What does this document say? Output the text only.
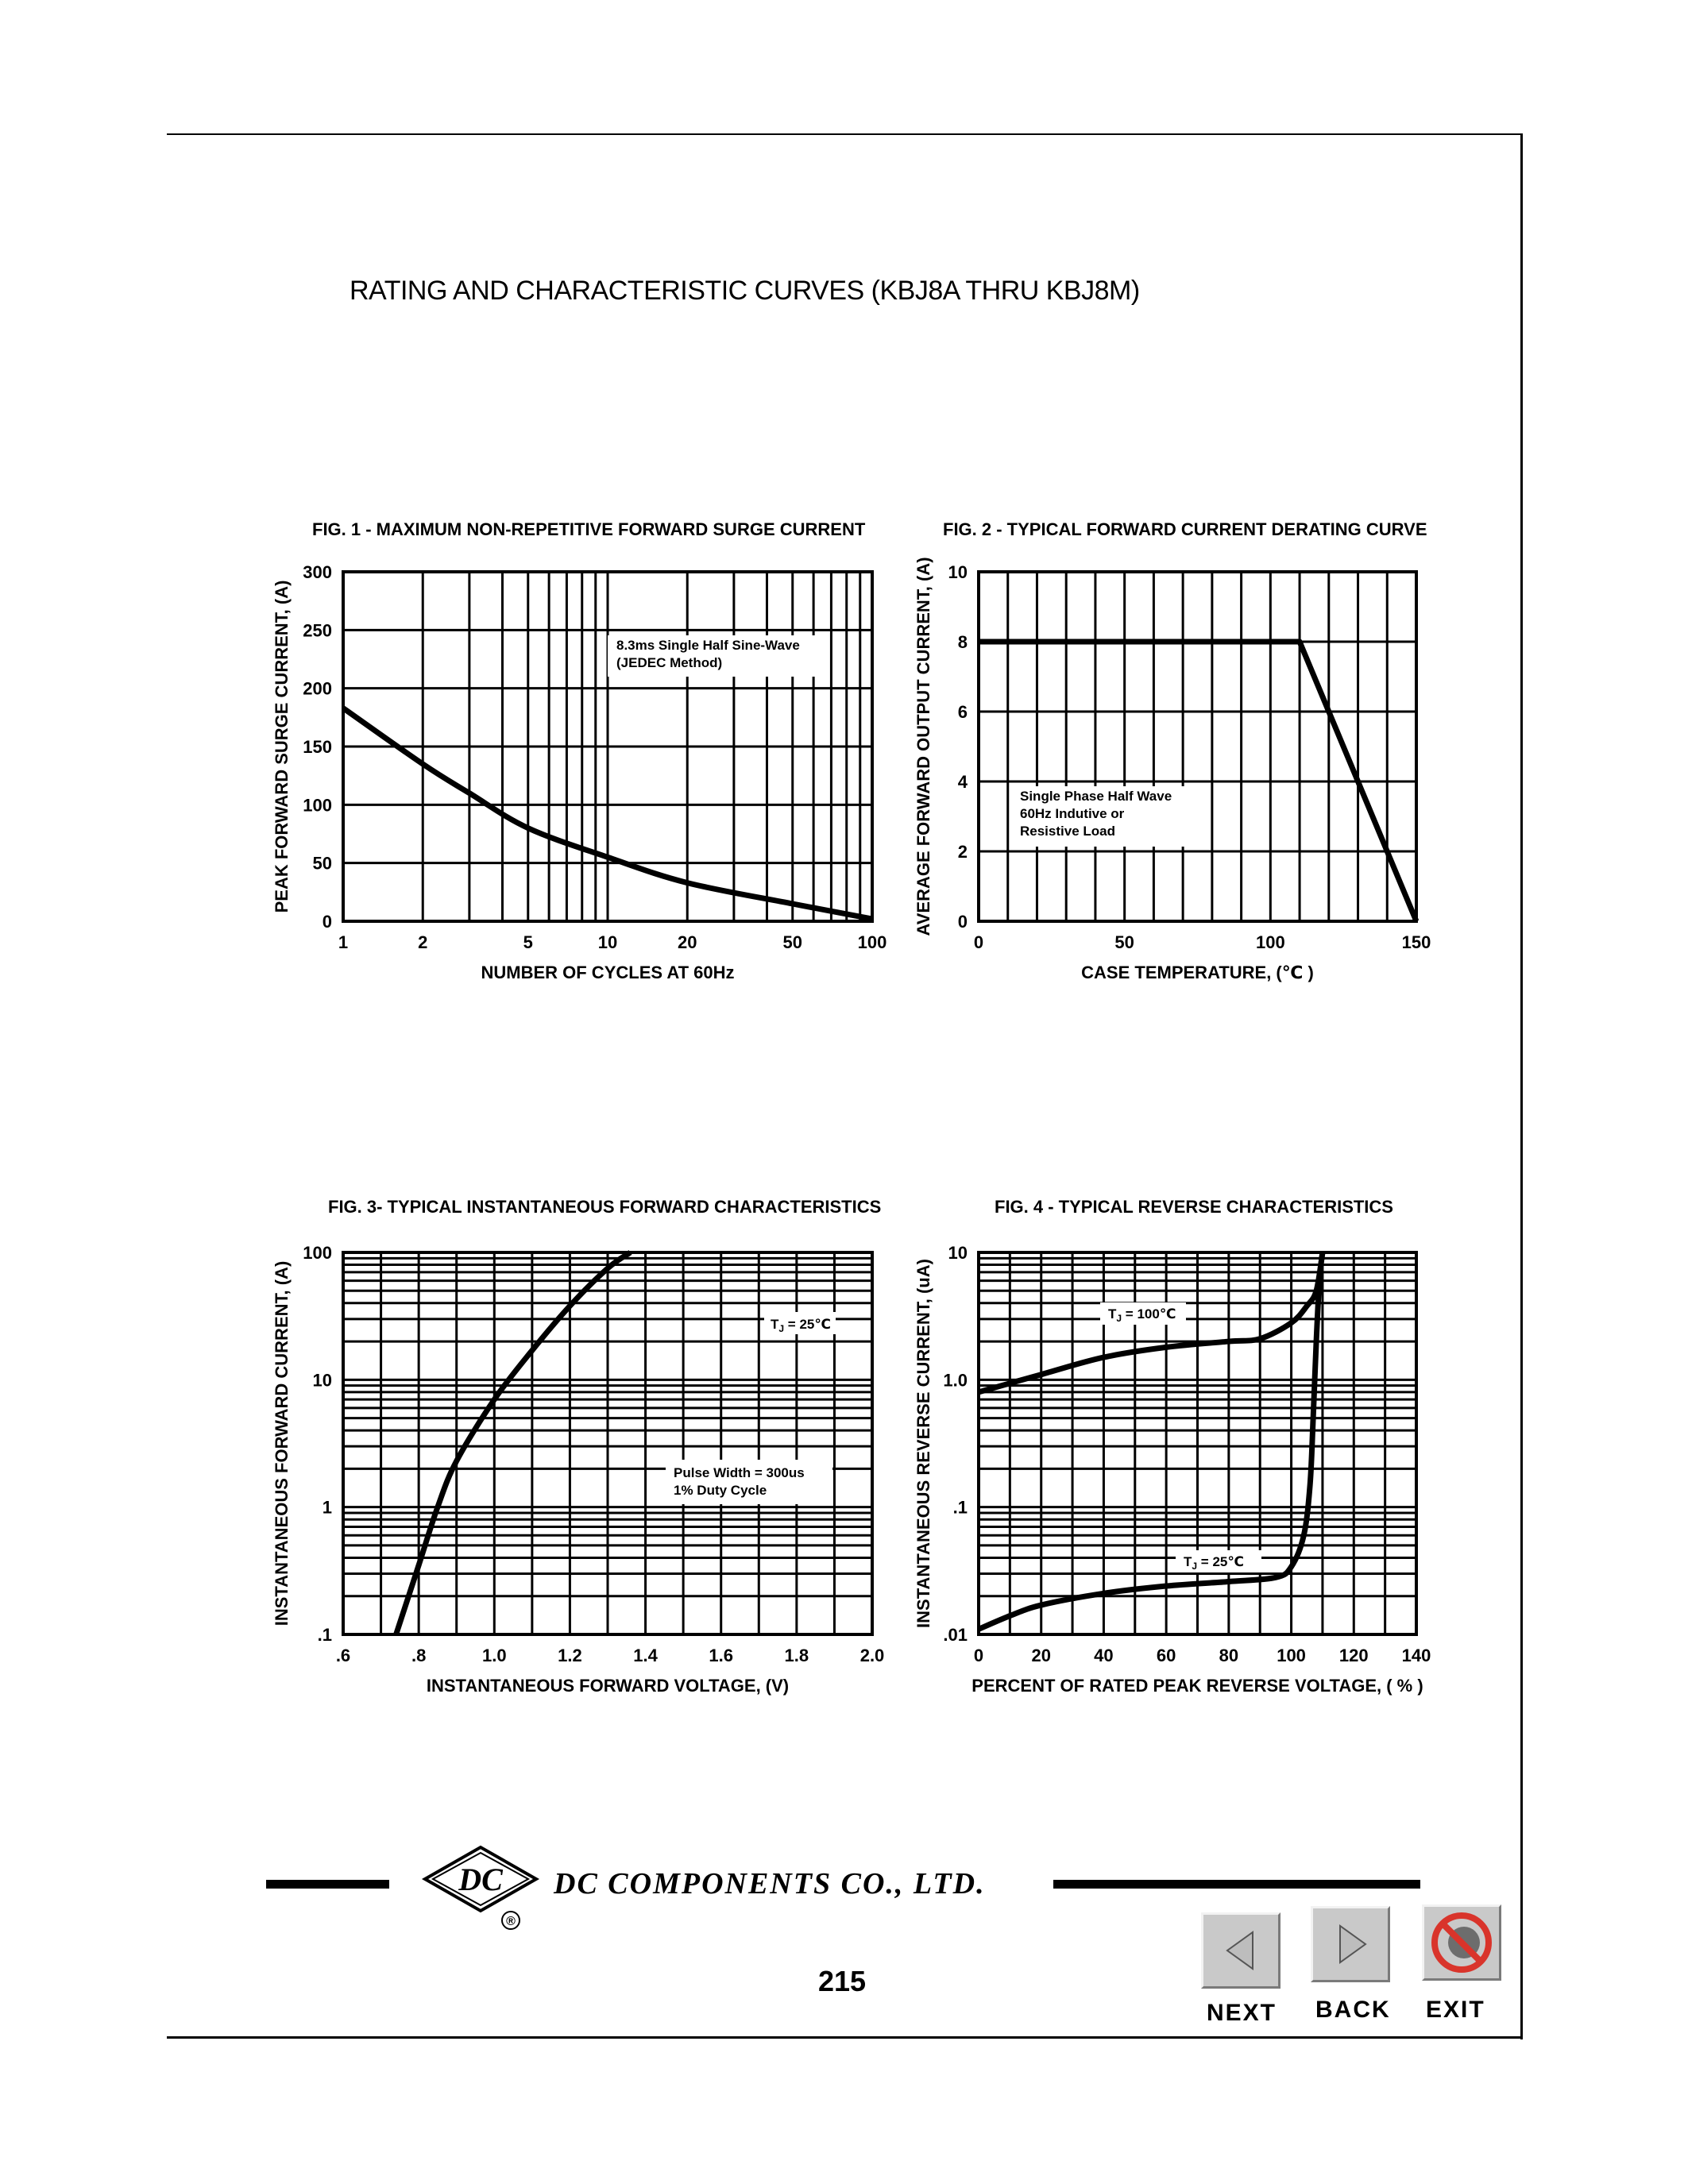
RATING AND CHARACTERISTIC CURVES (KBJ8A THRU KBJ8M)
FIG. 1 - MAXIMUM NON-REPETITIVE FORWARD SURGE CURRENT
1	2	5	10	20	50	100
0
50
100
150
200
250
300
NUMBER OF CYCLES AT 60Hz
PEAK FORWARD SURGE CURRENT, (A)	8.3ms Single Half Sine-Wave
(JEDEC Method)
FIG. 2 - TYPICAL FORWARD CURRENT DERATING CURVE
0	50	100	150
0
2
4
6
8
10
CASE TEMPERATURE, (℃ )
AVERAGE FORWARD OUTPUT CURRENT, (A)	Single Phase Half Wave
60Hz Indutive or
Resistive Load
FIG. 3- TYPICAL INSTANTANEOUS FORWARD CHARACTERISTICS
.6	.8	1.0	1.2	1.4	1.6	1.8	2.0
.1
1
10
100
INSTANTANEOUS FORWARD VOLTAGE, (V)
INSTANTANEOUS FORWARD CURRENT, (A)	$T_J$ = 25℃
Pulse Width = 300us
1% Duty Cycle
FIG. 4 - TYPICAL REVERSE CHARACTERISTICS
0	20 40 60 80 100 120 140
.01
.1
1.0
10
PERCENT OF RATED PEAK REVERSE VOLTAGE, ( % )
INSTANTANEOUS REVERSE CURRENT, (uA)	$T_J$ = 100℃
$T_J$ = 25℃
DC
®
DC COMPONENTS CO., LTD.
215
NEXT BACK EXIT
